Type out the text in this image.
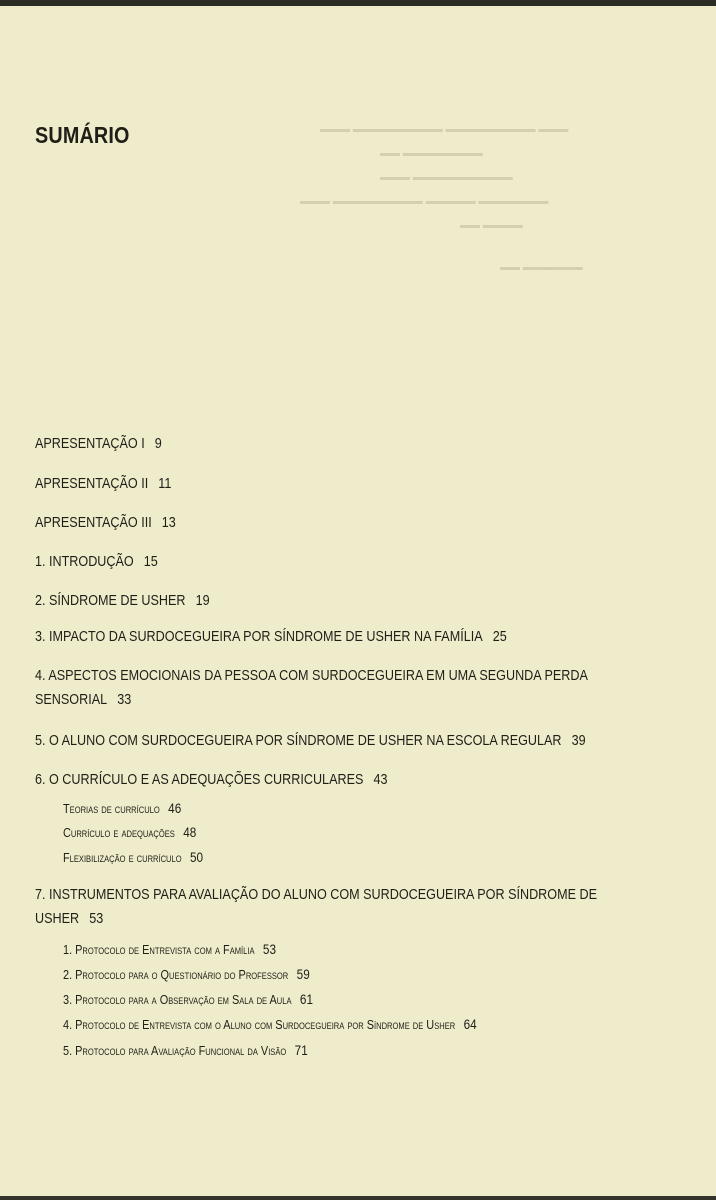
▬▬▬ ▬▬▬▬▬▬▬▬▬ ▬▬▬▬▬▬▬▬▬ ▬▬▬
▬▬▬▬▬▬▬▬ ▬▬
▬▬▬▬▬▬▬▬▬▬ ▬▬▬
▬▬▬▬▬▬▬ ▬▬▬▬▬ ▬▬▬▬▬▬▬▬▬ ▬▬▬
▬▬▬▬ ▬▬
▬▬▬▬▬▬ ▬▬
SUMÁRIO
APRESENTAÇÃO I 9
APRESENTAÇÃO II 11
APRESENTAÇÃO III 13
1. INTRODUÇÃO 15
2. SÍNDROME DE USHER 19
3. IMPACTO DA SURDOCEGUEIRA POR SÍNDROME DE USHER NA FAMÍLIA 25
4. ASPECTOS EMOCIONAIS DA PESSOA COM SURDOCEGUEIRA EM UMA SEGUNDA PERDA SENSORIAL 33
5. O ALUNO COM SURDOCEGUEIRA POR SÍNDROME DE USHER NA ESCOLA REGULAR 39
6. O CURRÍCULO E AS ADEQUAÇÕES CURRICULARES 43
Teorias de currículo 46
Currículo e adequações 48
Flexibilização e currículo 50
7. INSTRUMENTOS PARA AVALIAÇÃO DO ALUNO COM SURDOCEGUEIRA POR SÍNDROME DE USHER 53
1. Protocolo de Entrevista com a Família 53
2. Protocolo para o Questionário do Professor 59
3. Protocolo para a Observação em Sala de Aula 61
4. Protocolo de Entrevista com o Aluno com Surdocegueira por Síndrome de Usher 64
5. Protocolo para Avaliação Funcional da Visão 71
